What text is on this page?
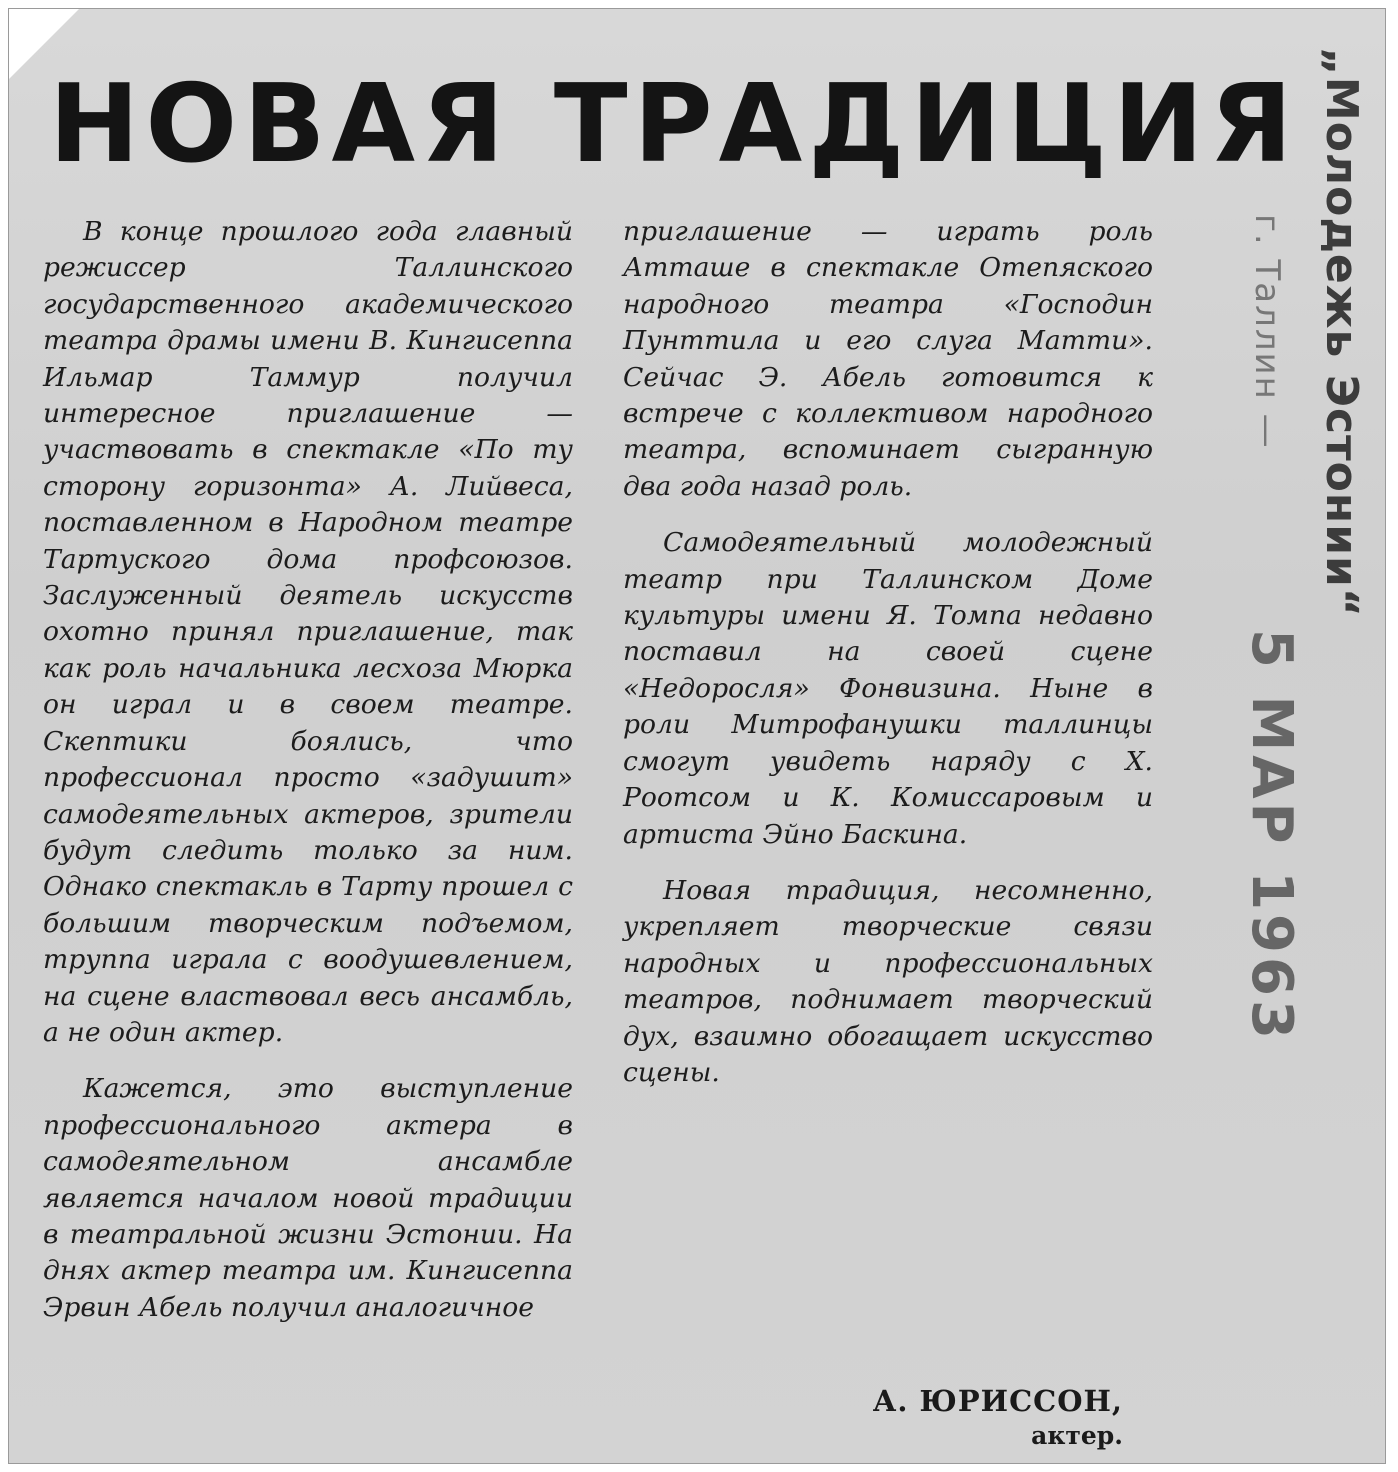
НОВАЯ ТРАДИЦИЯ

В конце прошлого года главный режиссер Таллинского государственного академического театра драмы имени В. Кингисеппа Ильмар Таммур получил интересное приглашение — участвовать в спектакле «По ту сторону горизонта» А. Лийвеса, поставленном в Народном театре Тартуского дома профсоюзов. Заслуженный деятель искусств охотно принял приглашение, так как роль начальника лесхоза Мюрка он играл и в своем театре. Скептики боялись, что профессионал просто «задушит» самодеятельных актеров, зрители будут следить только за ним. Однако спектакль в Тарту прошел с большим творческим подъемом, труппа играла с воодушевлением, на сцене властвовал весь ансамбль, а не один актер.

Кажется, это выступление профессионального актера в самодеятельном ансамбле является началом новой традиции в театральной жизни Эстонии. На днях актер театра им. Кингисеппа Эрвин Абель получил аналогичное

приглашение — играть роль Атташе в спектакле Отепяского народного театра «Господин Пунттила и его слуга Матти». Сейчас Э. Абель готовится к встрече с коллективом народного театра, вспоминает сыгранную два года назад роль.

Самодеятельный молодежный театр при Таллинском Доме культуры имени Я. Томпа недавно поставил на своей сцене «Недоросля» Фонвизина. Ныне в роли Митрофанушки таллинцы смогут увидеть наряду с Х. Роотсом и К. Комиссаровым и артиста Эйно Баскина.

Новая традиция, несомненно, укрепляет творческие связи народных и профессиональных театров, поднимает творческий дух, взаимно обогащает искусство сцены.

А. ЮРИССОН,
актер.
„Молодежь Эстонии“
г. Таллин —
5 МАР 1963
